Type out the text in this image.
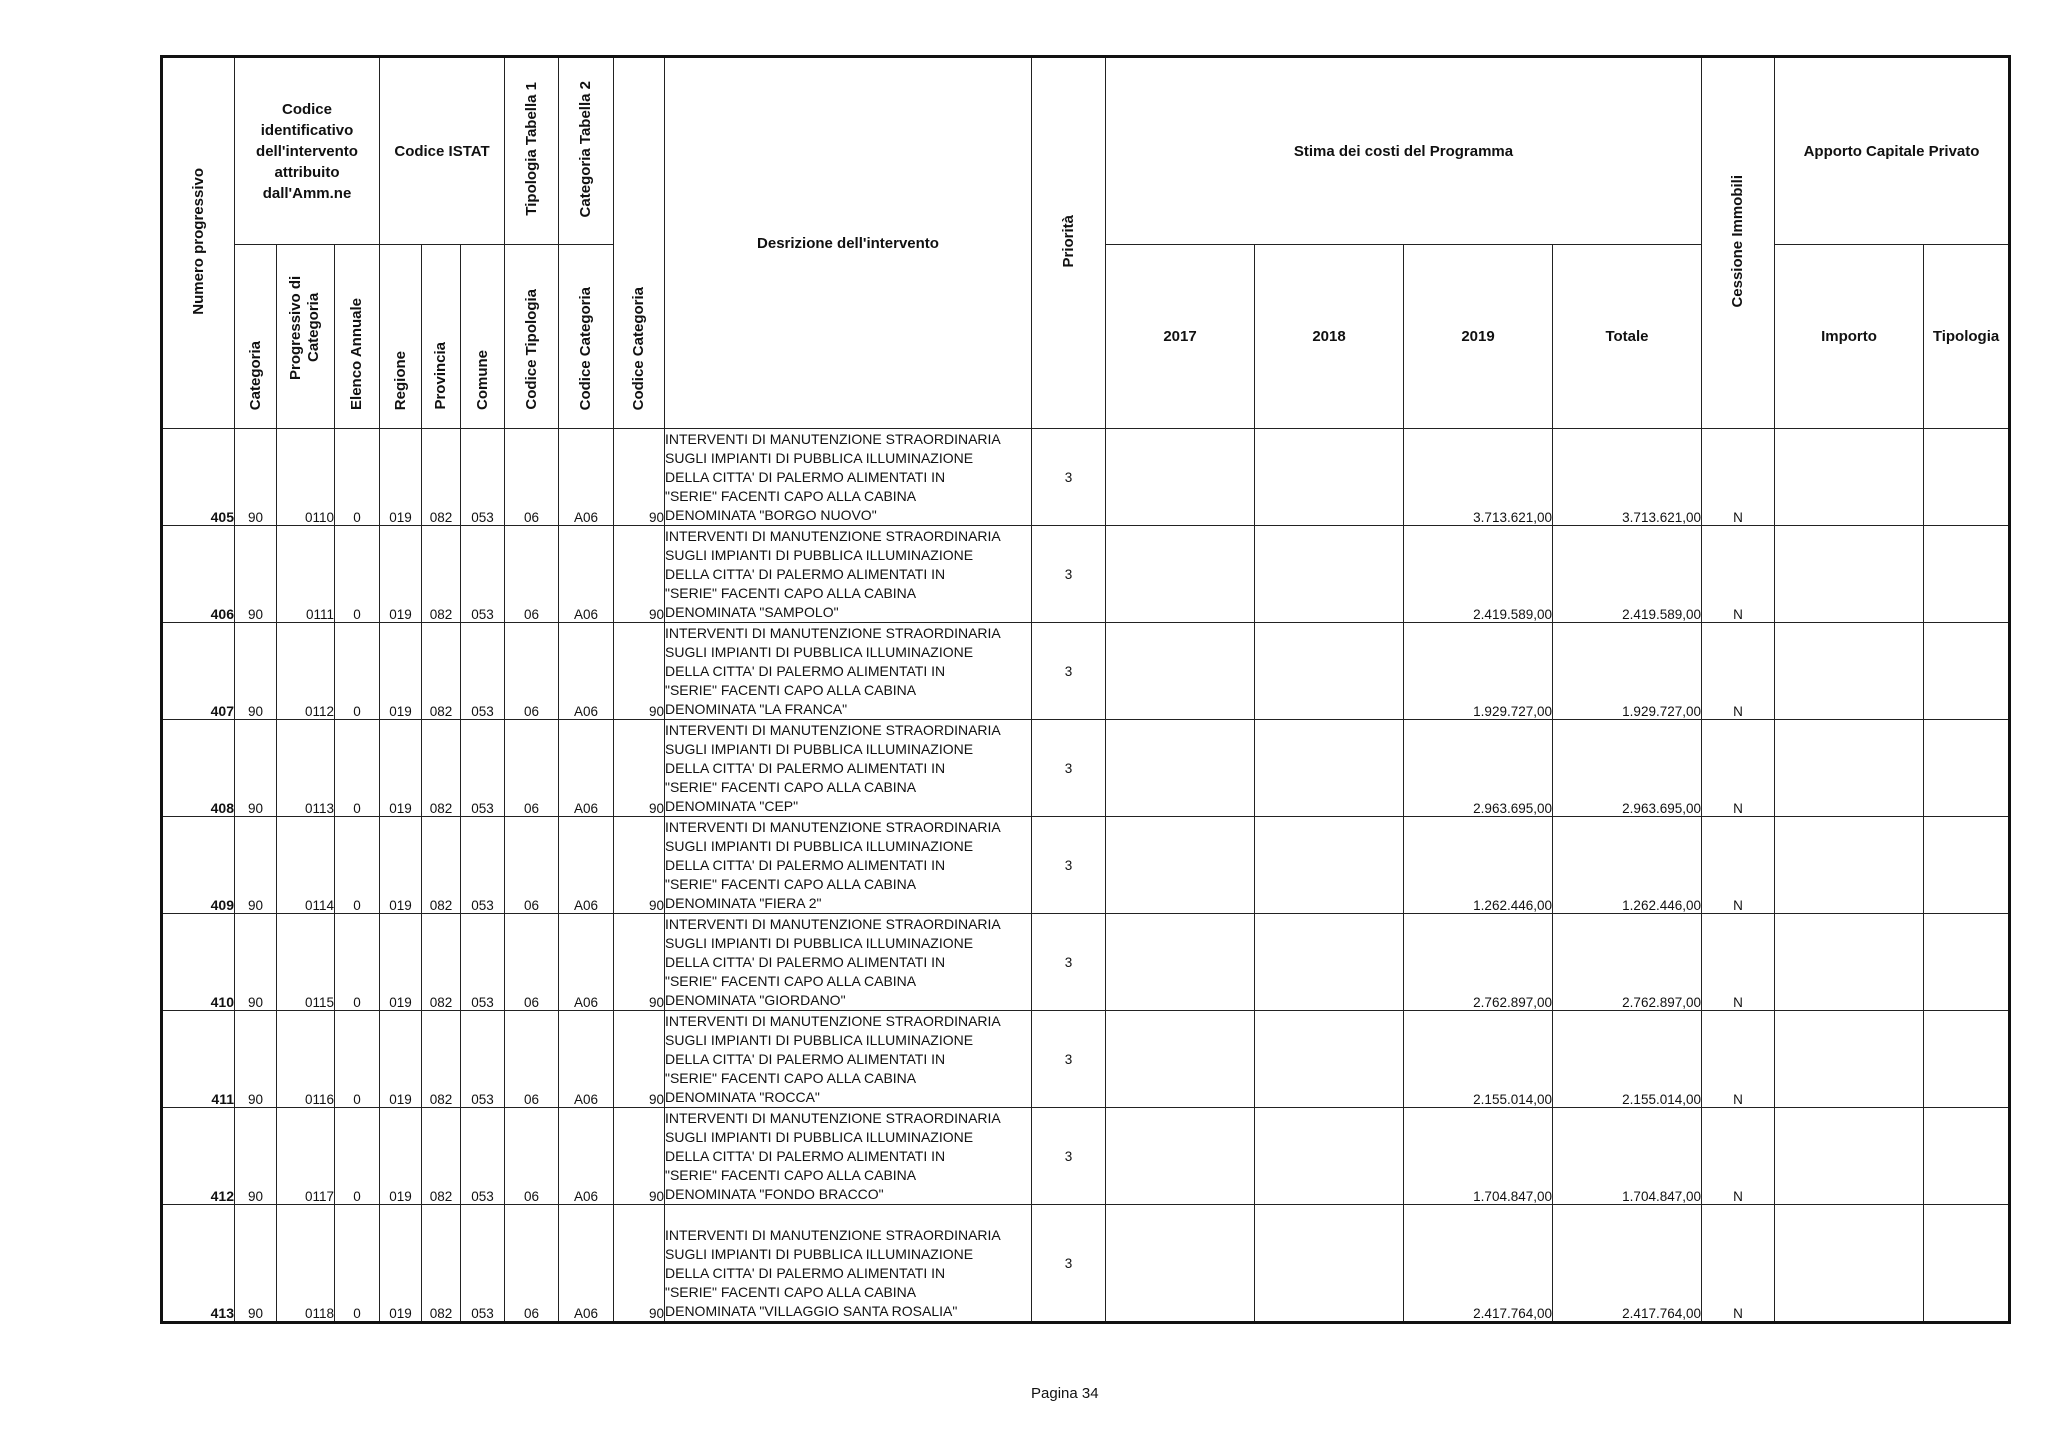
Numero progressivo	Codice identificativo dell'intervento attribuito dall'Amm.ne			Codice ISTAT			Tipologia Tabella 1	Categoria Tabella 2	Codice Categoria	Desrizione dell'intervento	Priorità	Stima dei costi del Programma				Cessione Immobili	Apporto Capitale Privato	
	Categoria	Progressivo di Categoria	Elenco Annuale	Regione	Provincia	Comune	Codice Tipologia	Codice Categoria				2017	2018	2019	Totale		Importo	Tipologia
405	90	0110	0	019	082	053	06	A06	90	INTERVENTI DI MANUTENZIONE STRAORDINARIA
SUGLI IMPIANTI DI PUBBLICA ILLUMINAZIONE
DELLA CITTA' DI PALERMO ALIMENTATI IN
"SERIE" FACENTI CAPO ALLA CABINA
DENOMINATA "BORGO NUOVO"	3			3.713.621,00	3.713.621,00	N		
406	90	0111	0	019	082	053	06	A06	90	INTERVENTI DI MANUTENZIONE STRAORDINARIA
SUGLI IMPIANTI DI PUBBLICA ILLUMINAZIONE
DELLA CITTA' DI PALERMO ALIMENTATI IN
"SERIE" FACENTI CAPO ALLA CABINA
DENOMINATA "SAMPOLO"	3			2.419.589,00	2.419.589,00	N		
407	90	0112	0	019	082	053	06	A06	90	INTERVENTI DI MANUTENZIONE STRAORDINARIA
SUGLI IMPIANTI DI PUBBLICA ILLUMINAZIONE
DELLA CITTA' DI PALERMO ALIMENTATI IN
"SERIE" FACENTI CAPO ALLA CABINA
DENOMINATA "LA FRANCA"	3			1.929.727,00	1.929.727,00	N		
408	90	0113	0	019	082	053	06	A06	90	INTERVENTI DI MANUTENZIONE STRAORDINARIA
SUGLI IMPIANTI DI PUBBLICA ILLUMINAZIONE
DELLA CITTA' DI PALERMO ALIMENTATI IN
"SERIE" FACENTI CAPO ALLA CABINA
DENOMINATA "CEP"	3			2.963.695,00	2.963.695,00	N		
409	90	0114	0	019	082	053	06	A06	90	INTERVENTI DI MANUTENZIONE STRAORDINARIA
SUGLI IMPIANTI DI PUBBLICA ILLUMINAZIONE
DELLA CITTA' DI PALERMO ALIMENTATI IN
"SERIE" FACENTI CAPO ALLA CABINA
DENOMINATA "FIERA 2"	3			1.262.446,00	1.262.446,00	N		
410	90	0115	0	019	082	053	06	A06	90	INTERVENTI DI MANUTENZIONE STRAORDINARIA
SUGLI IMPIANTI DI PUBBLICA ILLUMINAZIONE
DELLA CITTA' DI PALERMO ALIMENTATI IN
"SERIE" FACENTI CAPO ALLA CABINA
DENOMINATA "GIORDANO"	3			2.762.897,00	2.762.897,00	N		
411	90	0116	0	019	082	053	06	A06	90	INTERVENTI DI MANUTENZIONE STRAORDINARIA
SUGLI IMPIANTI DI PUBBLICA ILLUMINAZIONE
DELLA CITTA' DI PALERMO ALIMENTATI IN
"SERIE" FACENTI CAPO ALLA CABINA
DENOMINATA "ROCCA"	3			2.155.014,00	2.155.014,00	N		
412	90	0117	0	019	082	053	06	A06	90	INTERVENTI DI MANUTENZIONE STRAORDINARIA
SUGLI IMPIANTI DI PUBBLICA ILLUMINAZIONE
DELLA CITTA' DI PALERMO ALIMENTATI IN
"SERIE" FACENTI CAPO ALLA CABINA
DENOMINATA "FONDO BRACCO"	3			1.704.847,00	1.704.847,00	N		
413	90	0118	0	019	082	053	06	A06	90	INTERVENTI DI MANUTENZIONE STRAORDINARIA
SUGLI IMPIANTI DI PUBBLICA ILLUMINAZIONE
DELLA CITTA' DI PALERMO ALIMENTATI IN
"SERIE" FACENTI CAPO ALLA CABINA
DENOMINATA "VILLAGGIO SANTA ROSALIA"	3			2.417.764,00	2.417.764,00	N		
Pagina 34
